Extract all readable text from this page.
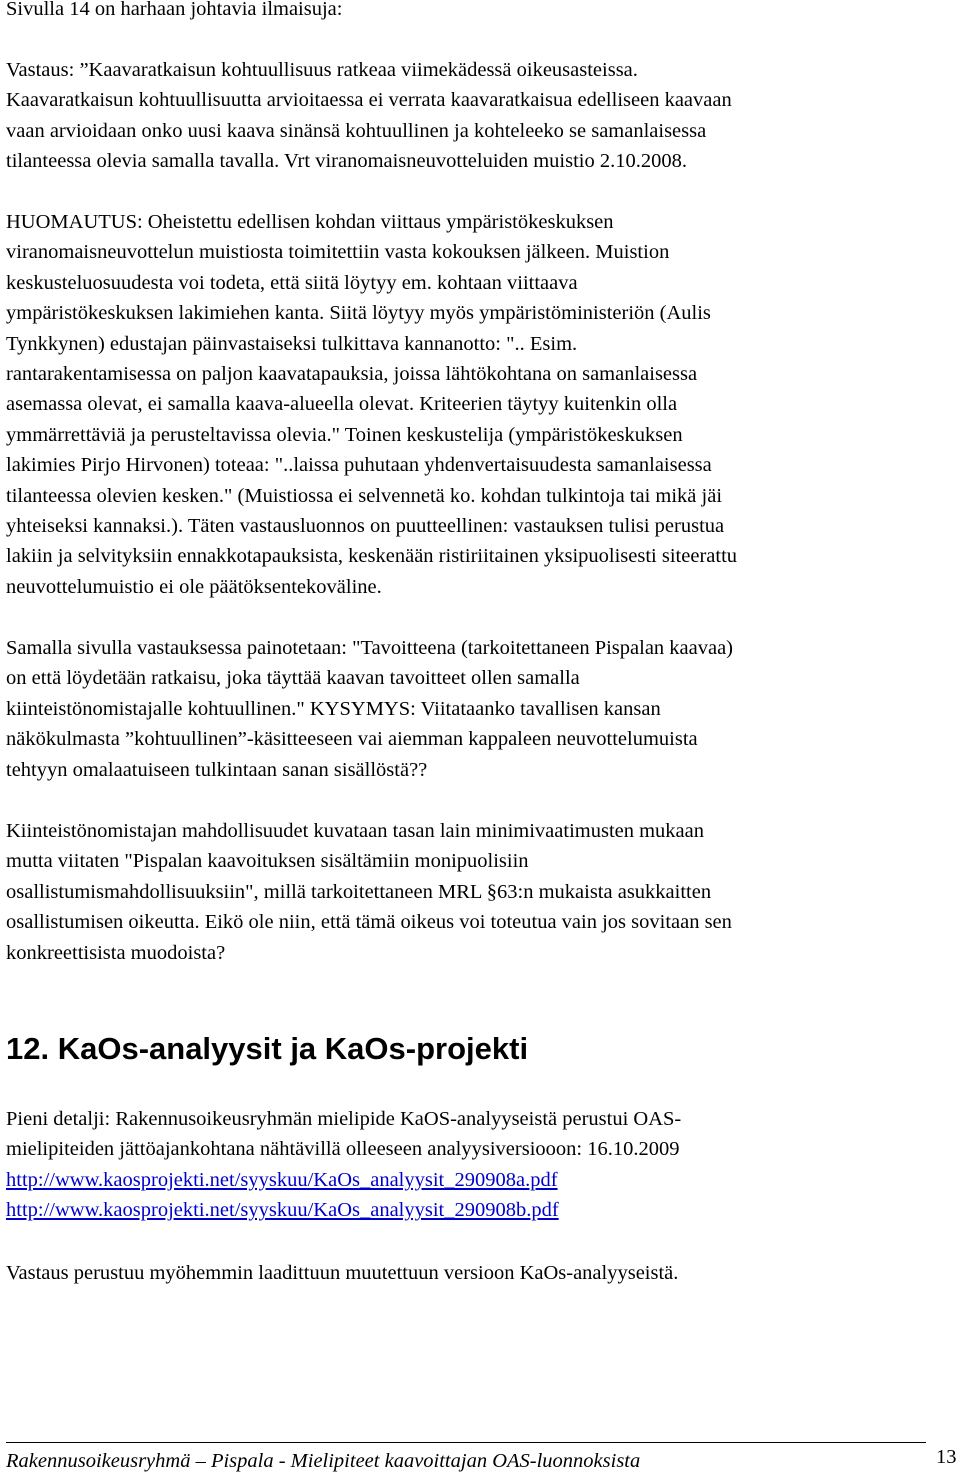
Sivulla 14 on harhaan johtavia ilmaisuja:

Vastaus: ”Kaavaratkaisun kohtuullisuus ratkeaa viimekädessä oikeusasteissa.

Kaavaratkaisun kohtuullisuutta arvioitaessa ei verrata kaavaratkaisua edelliseen kaavaan

vaan arvioidaan onko uusi kaava sinänsä kohtuullinen ja kohteleeko se samanlaisessa

tilanteessa olevia samalla tavalla. Vrt viranomaisneuvotteluiden muistio 2.10.2008.

HUOMAUTUS: Oheistettu edellisen kohdan viittaus ympäristökeskuksen

viranomaisneuvottelun muistiosta toimitettiin vasta kokouksen jälkeen. Muistion

keskusteluosuudesta voi todeta, että siitä löytyy em. kohtaan viittaava

ympäristökeskuksen lakimiehen kanta. Siitä löytyy myös ympäristöministeriön (Aulis

Tynkkynen) edustajan päinvastaiseksi tulkittava kannanotto: ".. Esim.

rantarakentamisessa on paljon kaavatapauksia, joissa lähtökohtana on samanlaisessa

asemassa olevat, ei samalla kaava-alueella olevat. Kriteerien täytyy kuitenkin olla

ymmärrettäviä ja perusteltavissa olevia." Toinen keskustelija (ympäristökeskuksen

lakimies Pirjo Hirvonen) toteaa: "..laissa puhutaan yhdenvertaisuudesta samanlaisessa

tilanteessa olevien kesken." (Muistiossa ei selvennetä ko. kohdan tulkintoja tai mikä jäi

yhteiseksi kannaksi.). Täten vastausluonnos on puutteellinen: vastauksen tulisi perustua

lakiin ja selvityksiin ennakkotapauksista, keskenään ristiriitainen yksipuolisesti siteerattu

neuvottelumuistio ei ole päätöksentekoväline.

Samalla sivulla vastauksessa painotetaan: "Tavoitteena (tarkoitettaneen Pispalan kaavaa)

on että löydetään ratkaisu, joka täyttää kaavan tavoitteet ollen samalla

kiinteistönomistajalle kohtuullinen." KYSYMYS: Viitataanko tavallisen kansan

näkökulmasta ”kohtuullinen”-käsitteeseen vai aiemman kappaleen neuvottelumuista

tehtyyn omalaatuiseen tulkintaan sanan sisällöstä??

Kiinteistönomistajan mahdollisuudet kuvataan tasan lain minimivaatimusten mukaan

mutta viitaten "Pispalan kaavoituksen sisältämiin monipuolisiin

osallistumismahdollisuuksiin", millä tarkoitettaneen MRL §63:n mukaista asukkaitten

osallistumisen oikeutta. Eikö ole niin, että tämä oikeus voi toteutua vain jos sovitaan sen

konkreettisista muodoista?

12. KaOs-analyysit ja KaOs-projekti

Pieni detalji: Rakennusoikeusryhmän mielipide KaOS-analyyseistä perustui OAS-

mielipiteiden jättöajankohtana nähtävillä olleeseen analyysiversiooon: 16.10.2009

http://www.kaosprojekti.net/syyskuu/KaOs_analyysit_290908a.pdf

http://www.kaosprojekti.net/syyskuu/KaOs_analyysit_290908b.pdf

Vastaus perustuu myöhemmin laadittuun muutettuun versioon KaOs-analyyseistä.

Rakennusoikeusryhmä – Pispala - Mielipiteet kaavoittajan OAS-luonnoksista	13
